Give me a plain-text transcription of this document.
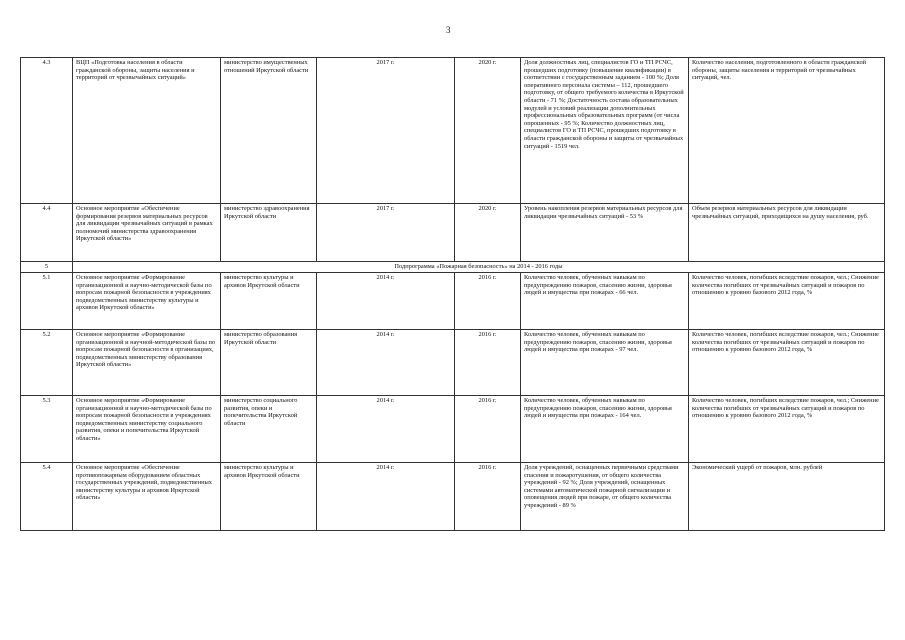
3
4.3	ВЦП «Подготовка населения в области гражданской обороны, защиты населения и территорий от чрезвычайных ситуаций»	министерство имущественных отношений Иркутской области	2017 г.	2020 г.	Доля должностных лиц, специалистов ГО и ТП РСЧС, прошедших подготовку (повышение квалификации) в соответствии с государственным заданием - 100 %; Доля оперативного персонала системы – 112, прошедшего подготовку, от общего требуемого количества в Иркутской области - 71 %; Достаточность состава образовательных модулей и условий реализации дополнительных профессиональных образовательных программ (от числа опрошенных - 95 %; Количество должностных лиц, специалистов ГО и ТП РСЧС, прошедших подготовку в области гражданской обороны и защиты от чрезвычайных ситуаций - 1519 чел.	Количество населения, подготовленного в области гражданской обороны, защиты населения и территорий от чрезвычайных ситуаций, чел.
4.4	Основное мероприятие «Обеспечение формирования резервов материальных ресурсов для ликвидации чрезвычайных ситуаций в рамках полномочий министерства здравоохранения Иркутской области»	министерство здравоохранения Иркутской области	2017 г.	2020 г.	Уровень накопления резервов материальных ресурсов для ликвидации чрезвычайных ситуаций - 53 %	Объем резервов материальных ресурсов для ликвидации чрезвычайных ситуаций, приходящихся на душу населения, руб.
5	Подпрограмма «Пожарная безопасность» на 2014 - 2016 годы					
5.1	Основное мероприятие «Формирование организационной и научно-методической базы по вопросам пожарной безопасности в учреждениях подведомственных министерству культуры и архивов Иркутской области»	министерство культуры и архивов Иркутской области	2014 г.	2016 г.	Количество человек, обученных навыкам по предупреждению пожаров, спасению жизни, здоровья людей и имущества при пожарах - 66 чел.	Количество человек, погибших вследствие пожаров, чел.; Снижение количества погибших от чрезвычайных ситуаций и пожаров по отношению к уровню базового 2012 года, %
5.2	Основное мероприятие «Формирование организационной и научной-методической базы по вопросам пожарной безопасности в организациях, подведомственных министерству образования Иркутской области»	министерство образования Иркутской области	2014 г.	2016 г.	Количество человек, обученных навыкам по предупреждению пожаров, спасению жизни, здоровья людей и имущества при пожарах - 97 чел.	Количество человек, погибших вследствие пожаров, чел.; Снижение количества погибших от чрезвычайных ситуаций и пожаров по отношению к уровню базового 2012 года, %
5.3	Основное мероприятие «Формирование организационной и научно-методической базы по вопросам пожарной безопасности в учреждениях подведомственных министерству социального развития, опеки и попечительства Иркутской области»	министерство социального развития, опеки и попечительства Иркутской области	2014 г.	2016 г.	Количество человек, обученных навыкам по предупреждению пожаров, спасению жизни, здоровья людей и имущества при пожарах - 164 чел.	Количество человек, погибших вследствие пожаров, чел.; Снижение количества погибших от чрезвычайных ситуаций и пожаров по отношению к уровню базового 2012 года, %
5.4	Основное мероприятие «Обеспечение противопожарным оборудованием областных государственных учреждений, подведомственных министерству культуры и архивов Иркутской области»	министерство культуры и архивов Иркутской области	2014 г.	2016 г.	Доля учреждений, оснащенных первичными средствами спасения и пожаротушения, от общего количества учреждений - 92 %; Доля учреждений, оснащенных системами автоматической пожарной сигнализации и оповещения людей при пожаре, от общего количества учреждений - 89 %	Экономический ущерб от пожаров, млн. рублей
